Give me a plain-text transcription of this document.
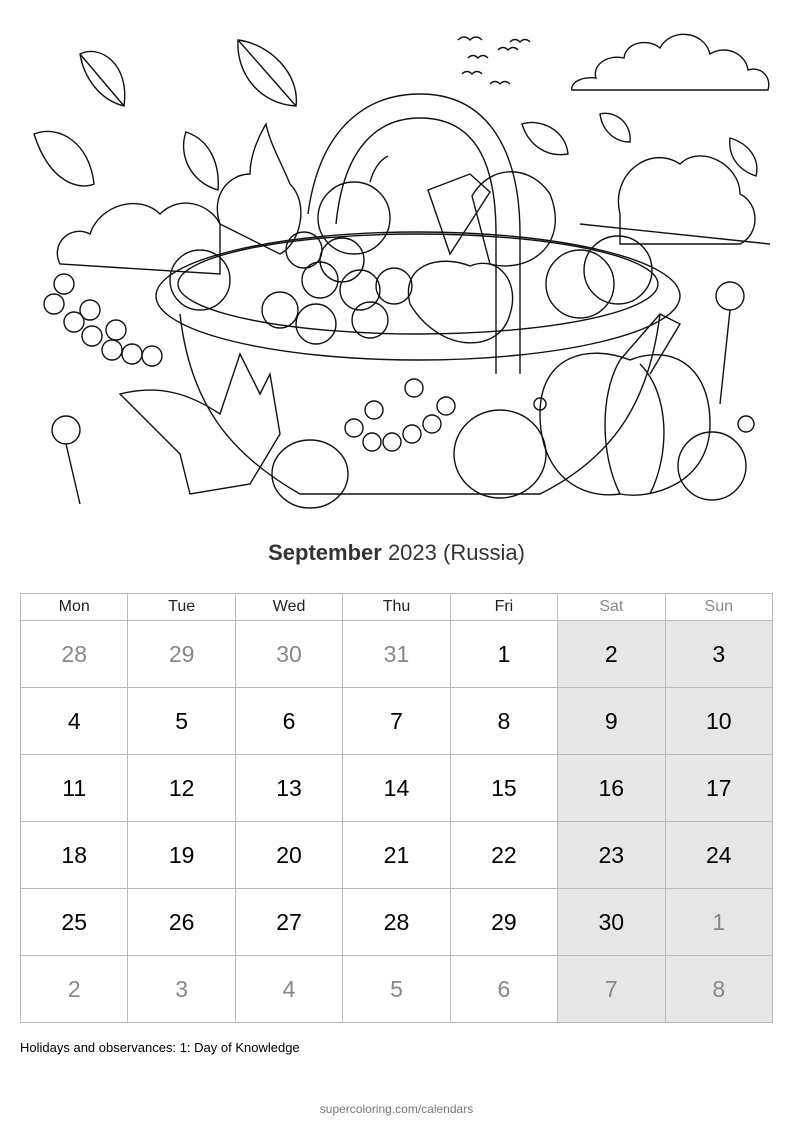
September 2023 (Russia)
Mon	Tue	Wed	Thu	Fri	Sat	Sun
28	29	30	31	1	2	3
4	5	6	7	8	9	10
11	12	13	14	15	16	17
18	19	20	21	22	23	24
25	26	27	28	29	30	1
2	3	4	5	6	7	8
Holidays and observances: 1: Day of Knowledge
supercoloring.com/calendars
